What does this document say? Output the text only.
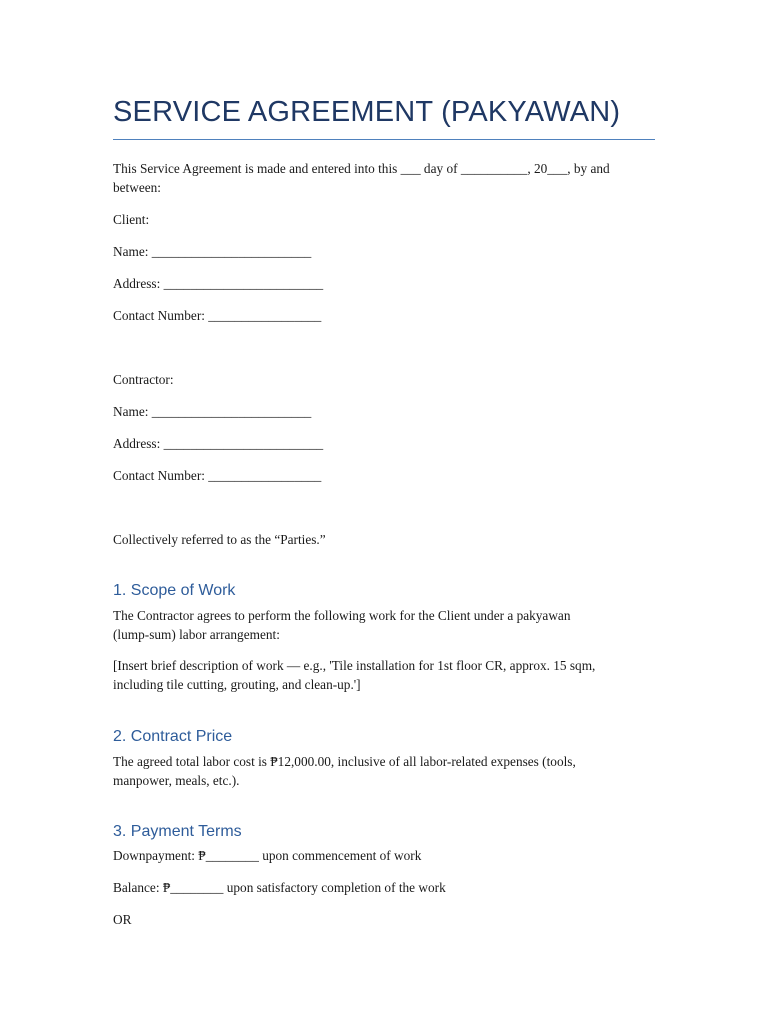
SERVICE AGREEMENT (PAKYAWAN)

This Service Agreement is made and entered into this ___ day of __________, 20___, by and

between:

Client:

Name: ________________________

Address: ________________________

Contact Number: _________________

Contractor:

Name: ________________________

Address: ________________________

Contact Number: _________________

Collectively referred to as the “Parties.”

1. Scope of Work

The Contractor agrees to perform the following work for the Client under a pakyawan

(lump-sum) labor arrangement:

[Insert brief description of work — e.g., 'Tile installation for 1st floor CR, approx. 15 sqm,

including tile cutting, grouting, and clean-up.']

2. Contract Price

The agreed total labor cost is ₱12,000.00, inclusive of all labor-related expenses (tools,

manpower, meals, etc.).

3. Payment Terms

Downpayment: ₱________ upon commencement of work

Balance: ₱________ upon satisfactory completion of the work

OR
